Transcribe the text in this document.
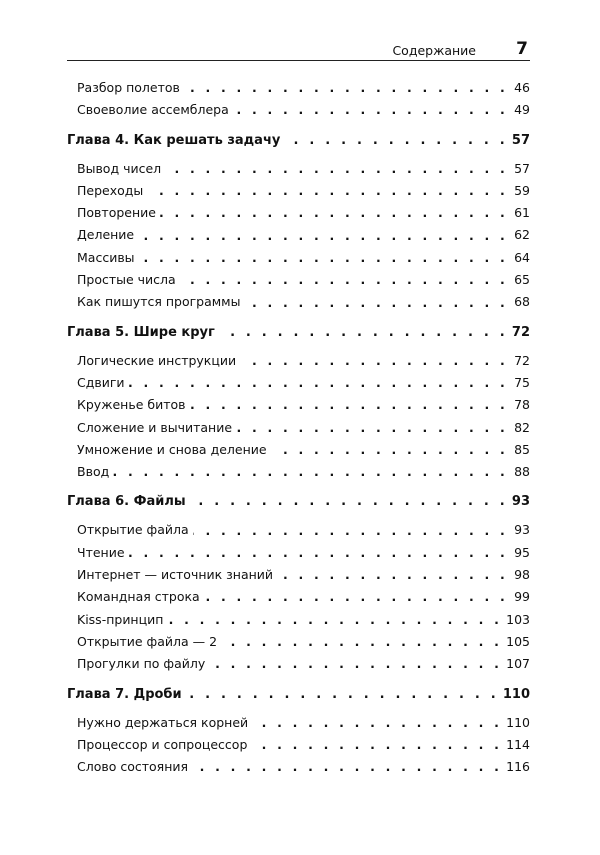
Содержание 7
Разбор полетов . . .	46
Своеволие ассемблера . . .	49
Глава 4. Как решать задачу . . .	57
Вывод чисел . . .	57
Переходы . . .	59
Повторение . . .	61
Деление . . .	62
Массивы . . .	64
Простые числа . . .	65
Как пишутся программы . . .	68
Глава 5. Шире круг . . .	72
Логические инструкции . . .	72
Сдвиги . . .	75
Круженье битов . . .	78
Сложение и вычитание . . .	82
Умножение и снова деление . . .	85
Ввод . . .	88
Глава 6. Файлы . . .	93
Открытие файла . . .	93
Чтение . . .	95
Интернет — источник знаний . . .	98
Командная строка . . .	99
Kiss-принцип . . .	103
Открытие файла — 2 . . .	105
Прогулки по файлу . . .	107
Глава 7. Дроби . . .	110
Нужно держаться корней . . .	110
Процессор и сопроцессор . . .	114
Слово состояния . . .	116
